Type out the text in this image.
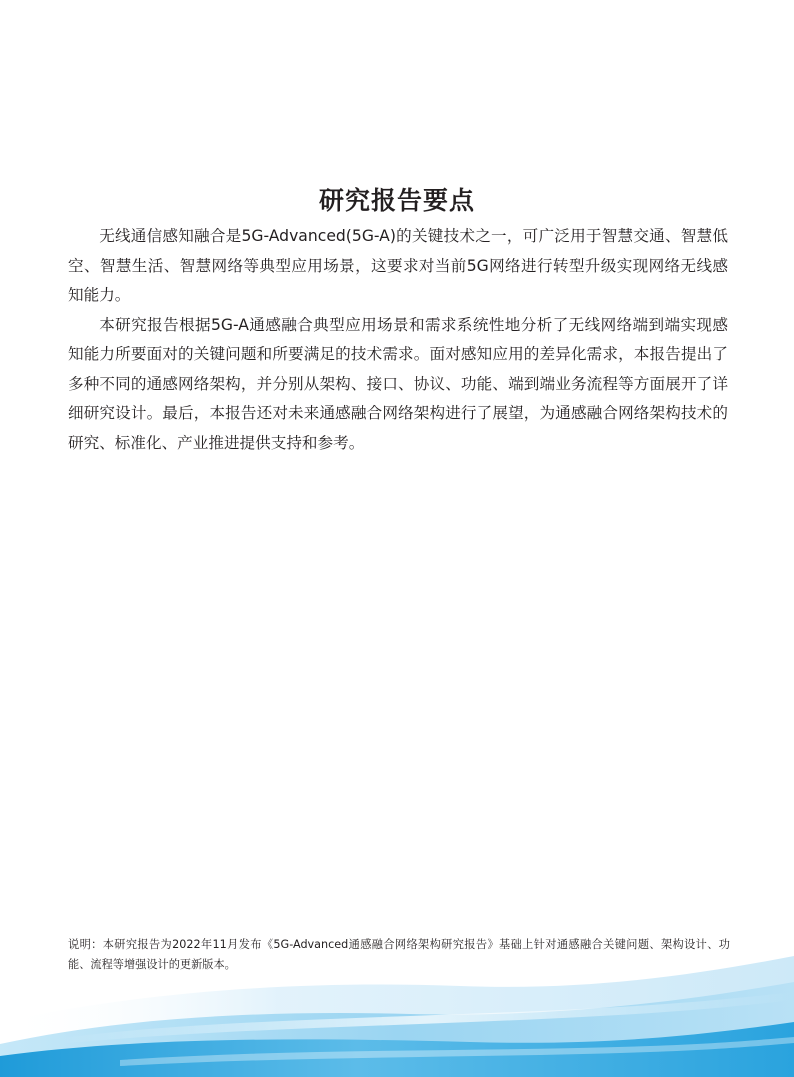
研究报告要点

无线通信感知融合是5G-Advanced(5G-A)的关键技术之一，可广泛用于智慧交通、智慧低空、智慧生活、智慧网络等典型应用场景，这要求对当前5G网络进行转型升级实现网络无线感知能力。

本研究报告根据5G-A通感融合典型应用场景和需求系统性地分析了无线网络端到端实现感知能力所要面对的关键问题和所要满足的技术需求。面对感知应用的差异化需求，本报告提出了多种不同的通感网络架构，并分别从架构、接口、协议、功能、端到端业务流程等方面展开了详细研究设计。最后，本报告还对未来通感融合网络架构进行了展望，为通感融合网络架构技术的研究、标准化、产业推进提供支持和参考。

说明：本研究报告为2022年11月发布《5G-Advanced通感融合网络架构研究报告》基础上针对通感融合关键问题、架构设计、功能、流程等增强设计的更新版本。
